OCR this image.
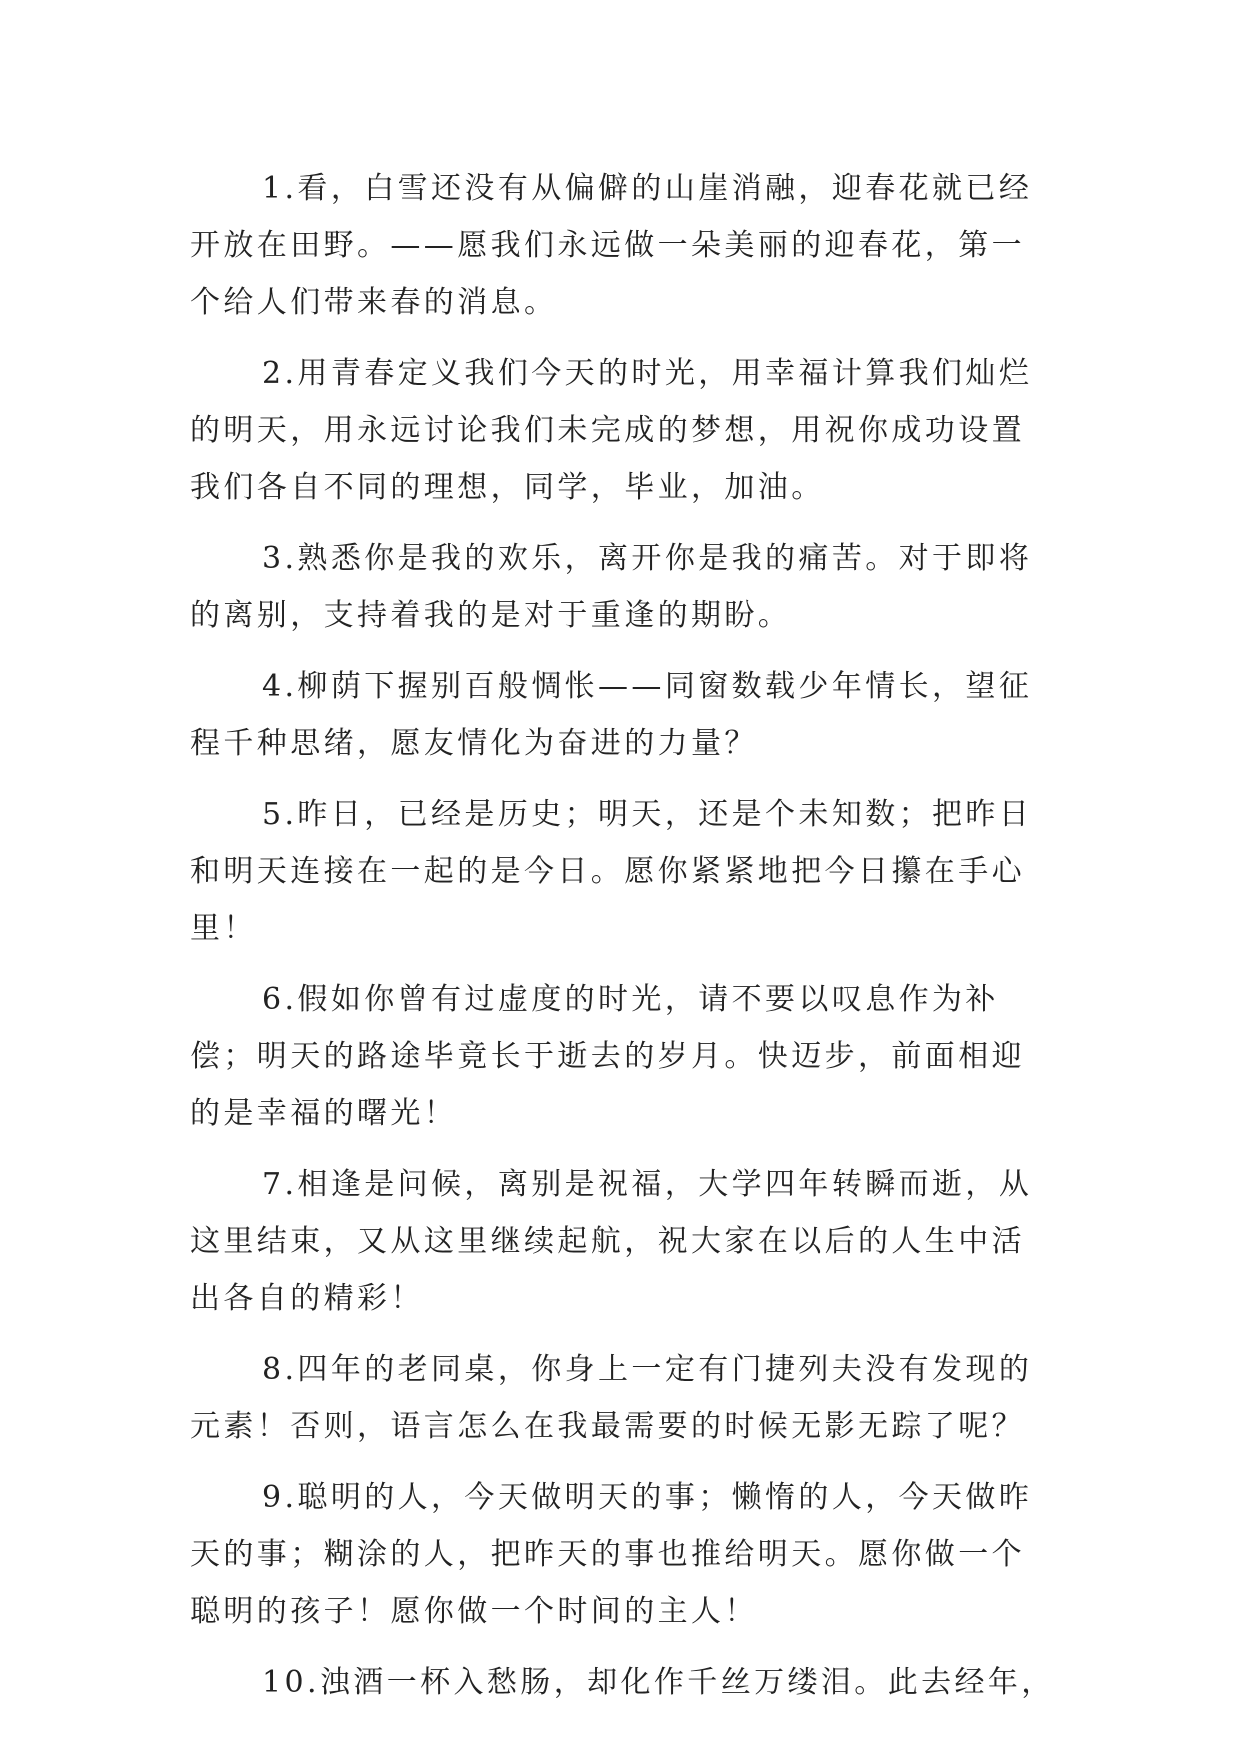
1.看，白雪还没有从偏僻的山崖消融，迎春花就已经开放在田野。——愿我们永远做一朵美丽的迎春花，第一个给人们带来春的消息。

2.用青春定义我们今天的时光，用幸福计算我们灿烂的明天，用永远讨论我们未完成的梦想，用祝你成功设置我们各自不同的理想，同学，毕业，加油。

3.熟悉你是我的欢乐，离开你是我的痛苦。对于即将的离别，支持着我的是对于重逢的期盼。

4.柳荫下握别百般惆怅——同窗数载少年情长，望征程千种思绪，愿友情化为奋进的力量？

5.昨日，已经是历史；明天，还是个未知数；把昨日和明天连接在一起的是今日。愿你紧紧地把今日攥在手心里！

6.假如你曾有过虚度的时光，请不要以叹息作为补偿；明天的路途毕竟长于逝去的岁月。快迈步，前面相迎的是幸福的曙光！

7.相逢是问候，离别是祝福，大学四年转瞬而逝，从这里结束，又从这里继续起航，祝大家在以后的人生中活出各自的精彩！

8.四年的老同桌，你身上一定有门捷列夫没有发现的元素！否则，语言怎么在我最需要的时候无影无踪了呢？

9.聪明的人，今天做明天的事；懒惰的人，今天做昨天的事；糊涂的人，把昨天的事也推给明天。愿你做一个聪明的孩子！愿你做一个时间的主人！

10.浊酒一杯入愁肠，却化作千丝万缕泪。此去经年，
